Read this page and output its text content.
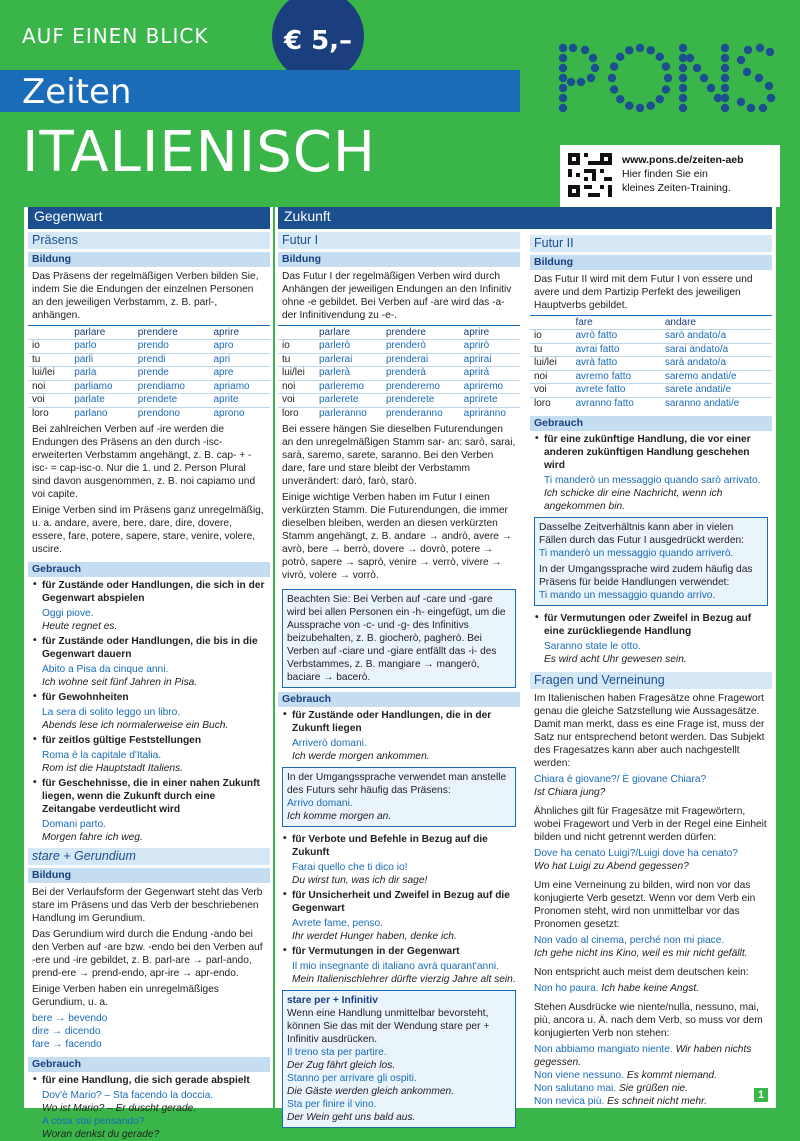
AUF EINEN BLICK	€ 5,–
Zeiten
ITALIENISCH	www.pons.de/zeiten-aeb
Hier finden Sie ein
kleines Zeiten-Training.
Gegenwart
Präsens
Bildung
Das Präsens der regelmäßigen Verben bilden Sie, indem Sie die Endungen der einzelnen Personen an den jeweiligen Verbstamm, z. B. parl-, anhängen.
	parlare	prendere	aprire
io	parlo	prendo	apro
tu	parli	prendi	apri
lui/lei	parla	prende	apre
noi	parliamo	prendiamo	apriamo
voi	parlate	prendete	aprite
loro	parlano	prendono	aprono
Bei zahlreichen Verben auf -ire werden die Endungen des Präsens an den durch -isc- erweiterten Verbstamm angehängt, z. B. cap- + -isc- = cap-isc-o. Nur die 1. und 2. Person Plural sind davon ausgenommen, z. B. noi capiamo und voi capite.
Einige Verben sind im Präsens ganz unregelmäßig, u. a. andare, avere, bere, dare, dire, dovere, essere, fare, potere, sapere, stare, venire, volere, uscire.
Gebrauch
• für Zustände oder Handlungen, die sich in der Gegenwart abspielen
Oggi piove.
Heute regnet es.
• für Zustände oder Handlungen, die bis in die Gegenwart dauern
Abito a Pisa da cinque anni.
Ich wohne seit fünf Jahren in Pisa.
• für Gewohnheiten
La sera di solito leggo un libro.
Abends lese ich normalerweise ein Buch.
• für zeitlos gültige Feststellungen
Roma è la capitale d'Italia.
Rom ist die Hauptstadt Italiens.
• für Geschehnisse, die in einer nahen Zukunft liegen, wenn die Zukunft durch eine Zeitangabe verdeutlicht wird
Domani parto.
Morgen fahre ich weg.
stare + Gerundium
Bildung
Bei der Verlaufsform der Gegenwart steht das Verb stare im Präsens und das Verb der beschriebenen Handlung im Gerundium.
Das Gerundium wird durch die Endung -ando bei den Verben auf -are bzw. -endo bei den Verben auf -ere und -ire gebildet, z. B. parl-are → parl-ando, prend-ere → prend-endo, apr-ire → apr-endo.
Einige Verben haben ein unregelmäßiges Gerundium, u. a.
bere → bevendo
dire → dicendo
fare → facendo
Gebrauch
• für eine Handlung, die sich gerade abspielt
Dov'è Mario? – Sta facendo la doccia.
Wo ist Mario? – Er duscht gerade.
A cosa stai pensando?
Woran denkst du gerade?
Zukunft
Futur I
Bildung
Das Futur I der regelmäßigen Verben wird durch Anhängen der jeweiligen Endungen an den Infinitiv ohne -e gebildet. Bei Verben auf -are wird das -a- der Infinitivendung zu -e-.
	parlare	prendere	aprire
io	parlerò	prenderò	aprirò
tu	parlerai	prenderai	aprirai
lui/lei	parlerà	prenderà	aprirà
noi	parleremo	prenderemo	apriremo
voi	parlerete	prenderete	aprirete
loro	parleranno	prenderanno	apriranno
Bei essere hängen Sie dieselben Futurendungen an den unregelmäßigen Stamm sar- an: sarò, sarai, sarà, saremo, sarete, saranno. Bei den Verben dare, fare und stare bleibt der Verbstamm unverändert: darò, farò, starò.
Einige wichtige Verben haben im Futur I einen verkürzten Stamm. Die Futurendungen, die immer dieselben bleiben, werden an diesen verkürzten Stamm angehängt, z. B. andare → andrò, avere → avrò, bere → berrò, dovere → dovrò, potere → potrò, sapere → saprò, venire → verrò, vivere → vivrò, volere → vorrò.
Beachten Sie: Bei Verben auf -care und -gare wird bei allen Personen ein -h- eingefügt, um die Aussprache von -c- und -g- des Infinitivs beizubehalten, z. B. giocherò, pagherò. Bei Verben auf -ciare und -giare entfällt das -i- des Verbstammes, z. B. mangiare → mangerò, baciare → bacerò.
Gebrauch
• für Zustände oder Handlungen, die in der Zukunft liegen
Arriverò domani.
Ich werde morgen ankommen.
In der Umgangssprache verwendet man anstelle des Futurs sehr häufig das Präsens:
Arrivo domani.
Ich komme morgen an.
• für Verbote und Befehle in Bezug auf die Zukunft
Farai quello che ti dico io!
Du wirst tun, was ich dir sage!
• für Unsicherheit und Zweifel in Bezug auf die Gegenwart
Avrete fame, penso.
Ihr werdet Hunger haben, denke ich.
• für Vermutungen in der Gegenwart
Il mio insegnante di italiano avrà quarant'anni.
Mein Italienischlehrer dürfte vierzig Jahre alt sein.
stare per + Infinitiv
Wenn eine Handlung unmittelbar bevorsteht, können Sie das mit der Wendung stare per + Infinitiv ausdrücken.
Il treno sta per partire.
Der Zug fährt gleich los.
Stanno per arrivare gli ospiti.
Die Gäste werden gleich ankommen.
Sta per finire il vino.
Der Wein geht uns bald aus.
Futur II
Bildung
Das Futur II wird mit dem Futur I von essere und avere und dem Partizip Perfekt des jeweiligen Hauptverbs gebildet.
	fare	andare
io	avrò fatto	sarò andato/a
tu	avrai fatto	sarai andato/a
lui/lei	avrà fatto	sarà andato/a
noi	avremo fatto	saremo andati/e
voi	avrete fatto	sarete andati/e
loro	avranno fatto	saranno andati/e
Gebrauch
• für eine zukünftige Handlung, die vor einer anderen zukünftigen Handlung geschehen wird
Ti manderò un messaggio quando sarò arrivato.
Ich schicke dir eine Nachricht, wenn ich angekommen bin.
Dasselbe Zeitverhältnis kann aber in vielen Fällen durch das Futur I ausgedrückt werden:
Ti manderò un messaggio quando arriverò.
In der Umgangssprache wird zudem häufig das Präsens für beide Handlungen verwendet:
Ti mando un messaggio quando arrivo.
• für Vermutungen oder Zweifel in Bezug auf eine zurückliegende Handlung
Saranno state le otto.
Es wird acht Uhr gewesen sein.
Fragen und Verneinung
Im Italienischen haben Fragesätze ohne Fragewort genau die gleiche Satzstellung wie Aussagesätze. Damit man merkt, dass es eine Frage ist, muss der Satz nur entsprechend betont werden. Das Subjekt des Fragesatzes kann aber auch nachgestellt werden:
Chiara è giovane?/ È giovane Chiara?
Ist Chiara jung?
Ähnliches gilt für Fragesätze mit Fragewörtern, wobei Fragewort und Verb in der Regel eine Einheit bilden und nicht getrennt werden dürfen:
Dove ha cenato Luigi?/Luigi dove ha cenato?
Wo hat Luigi zu Abend gegessen?
Um eine Verneinung zu bilden, wird non vor das konjugierte Verb gesetzt. Wenn vor dem Verb ein Pronomen steht, wird non unmittelbar vor das Pronomen gesetzt:
Non vado al cinema, perché non mi piace.
Ich gehe nicht ins Kino, weil es mir nicht gefällt.
Non entspricht auch meist dem deutschen kein:
Non ho paura. Ich habe keine Angst.
Stehen Ausdrücke wie niente/nulla, nessuno, mai, più, ancora u. Ä. nach dem Verb, so muss vor dem konjugierten Verb non stehen:
Non abbiamo mangiato niente. Wir haben nichts gegessen.
Non viene nessuno. Es kommt niemand.
Non salutano mai. Sie grüßen nie.
Non nevica più. Es schneit nicht mehr.
1
